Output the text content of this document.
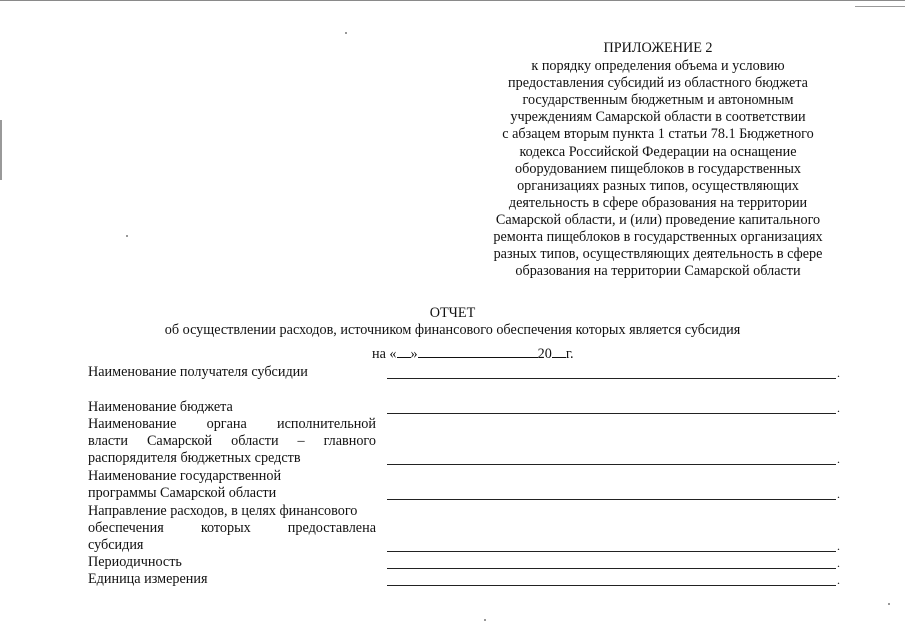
ПРИЛОЖЕНИЕ 2
к порядку определения объема и условию
предоставления субсидий из областного бюджета
государственным бюджетным и автономным
учреждениям Самарской области в соответствии
с абзацем вторым пункта 1 статьи 78.1 Бюджетного
кодекса Российской Федерации на оснащение
оборудованием пищеблоков в государственных
организациях разных типов, осуществляющих
деятельность в сфере образования на территории
Самарской области, и (или) проведение капитального
ремонта пищеблоков в государственных организациях
разных типов, осуществляющих деятельность в сфере
образования на территории Самарской области
ОТЧЕТ
об осуществлении расходов, источником финансового обеспечения которых является субсидия
на « »	20 г.
Наименование получателя субсидии	.
Наименование бюджета	.
Наименование органа исполнительной
власти Самарской области – главного
распорядителя бюджетных средств	.
Наименование государственной
программы Самарской области	.
Направление расходов, в целях финансового
обеспечения которых предоставлена
субсидия	.
Периодичность	.
Единица измерения	.
